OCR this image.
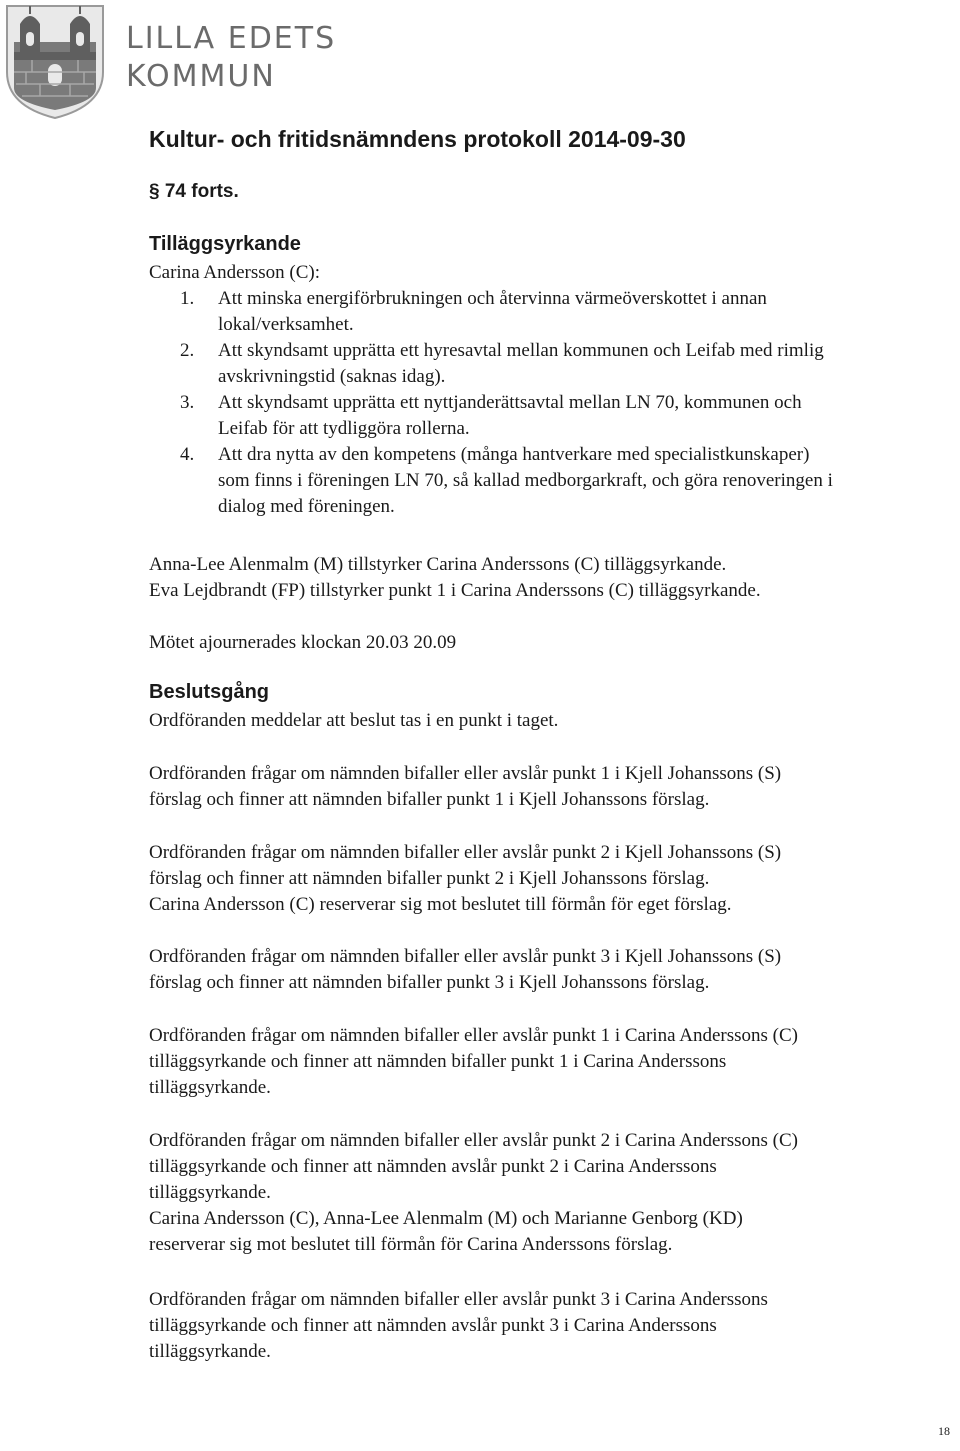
LILLA EDETS
KOMMUN
Kultur- och fritidsnämndens protokoll 2014-09-30
§ 74 forts.
Tilläggsyrkande
Carina Andersson (C):
1. Att minska energiförbrukningen och återvinna värmeöverskottet i annan
lokal/verksamhet.
2. Att skyndsamt upprätta ett hyresavtal mellan kommunen och Leifab med rimlig
avskrivningstid (saknas idag).
3. Att skyndsamt upprätta ett nyttjanderättsavtal mellan LN 70, kommunen och
Leifab för att tydliggöra rollerna.
4. Att dra nytta av den kompetens (många hantverkare med specialistkunskaper)
som finns i föreningen LN 70, så kallad medborgarkraft, och göra renoveringen i
dialog med föreningen.
Anna-Lee Alenmalm (M) tillstyrker Carina Anderssons (C) tilläggsyrkande.
Eva Lejdbrandt (FP) tillstyrker punkt 1 i Carina Anderssons (C) tilläggsyrkande.
Mötet ajournerades klockan 20.03 20.09
Beslutsgång
Ordföranden meddelar att beslut tas i en punkt i taget.
Ordföranden frågar om nämnden bifaller eller avslår punkt 1 i Kjell Johanssons (S)
förslag och finner att nämnden bifaller punkt 1 i Kjell Johanssons förslag.
Ordföranden frågar om nämnden bifaller eller avslår punkt 2 i Kjell Johanssons (S)
förslag och finner att nämnden bifaller punkt 2 i Kjell Johanssons förslag.
Carina Andersson (C) reserverar sig mot beslutet till förmån för eget förslag.
Ordföranden frågar om nämnden bifaller eller avslår punkt 3 i Kjell Johanssons (S)
förslag och finner att nämnden bifaller punkt 3 i Kjell Johanssons förslag.
Ordföranden frågar om nämnden bifaller eller avslår punkt 1 i Carina Anderssons (C)
tilläggsyrkande och finner att nämnden bifaller punkt 1 i Carina Anderssons
tilläggsyrkande.
Ordföranden frågar om nämnden bifaller eller avslår punkt 2 i Carina Anderssons (C)
tilläggsyrkande och finner att nämnden avslår punkt 2 i Carina Anderssons
tilläggsyrkande.
Carina Andersson (C), Anna-Lee Alenmalm (M) och Marianne Genborg (KD)
reserverar sig mot beslutet till förmån för Carina Anderssons förslag.
Ordföranden frågar om nämnden bifaller eller avslår punkt 3 i Carina Anderssons
tilläggsyrkande och finner att nämnden avslår punkt 3 i Carina Anderssons
tilläggsyrkande.
18
